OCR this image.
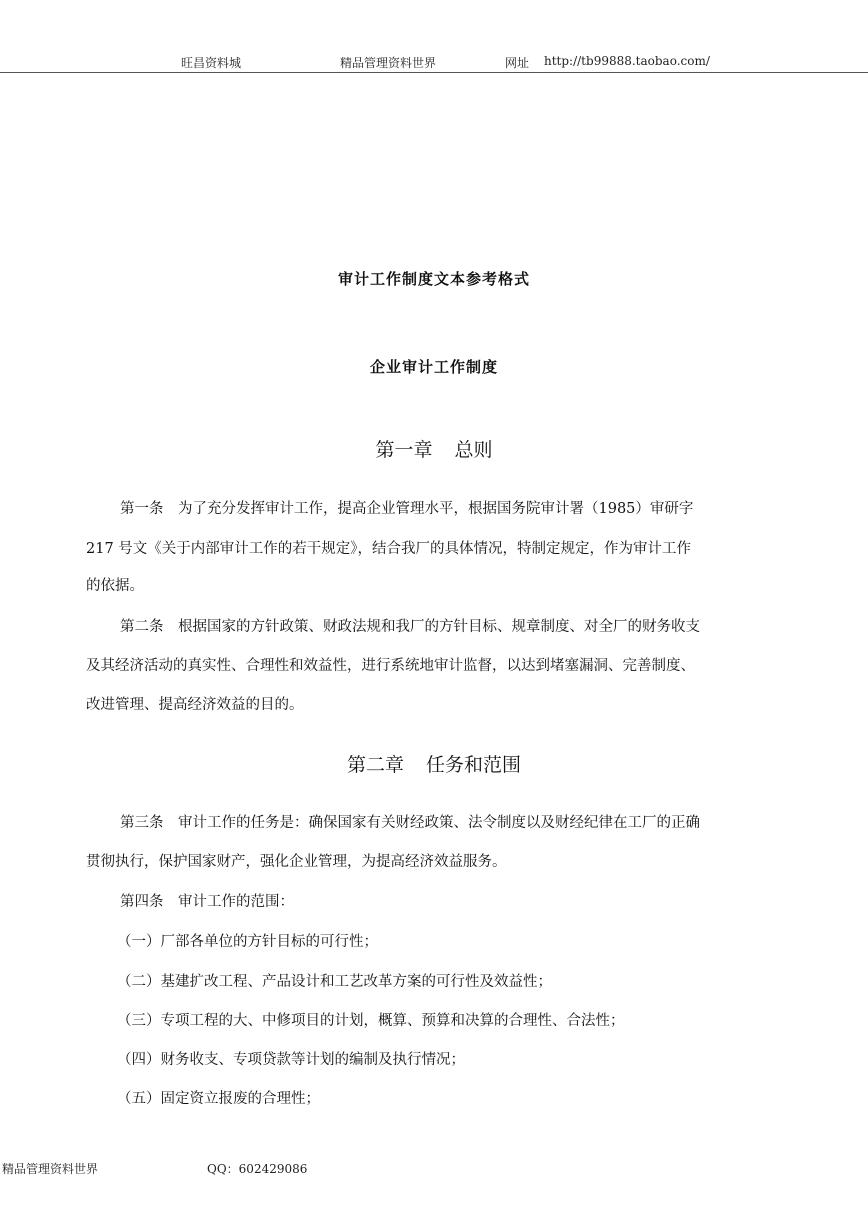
旺昌资料城	精品管理资料世界	网址 http://tb99888.taobao.com/
审计工作制度文本参考格式
企业审计工作制度
第一章 总则
第一条　为了充分发挥审计工作，提高企业管理水平，根据国务院审计署（1985）审研字
217 号文《关于内部审计工作的若干规定》，结合我厂的具体情况，特制定规定，作为审计工作
的依据。
第二条　根据国家的方针政策、财政法规和我厂的方针目标、规章制度、对全厂的财务收支
及其经济活动的真实性、合理性和效益性，进行系统地审计监督，以达到堵塞漏洞、完善制度、
改进管理、提高经济效益的目的。
第二章 任务和范围
第三条　审计工作的任务是：确保国家有关财经政策、法令制度以及财经纪律在工厂的正确
贯彻执行，保护国家财产，强化企业管理，为提高经济效益服务。
第四条　审计工作的范围：
（一）厂部各单位的方针目标的可行性；
（二）基建扩改工程、产品设计和工艺改革方案的可行性及效益性；
（三）专项工程的大、中修项目的计划，概算、预算和决算的合理性、合法性；
（四）财务收支、专项贷款等计划的编制及执行情况；
（五）固定资立报废的合理性；
精品管理资料世界	QQ：602429086
